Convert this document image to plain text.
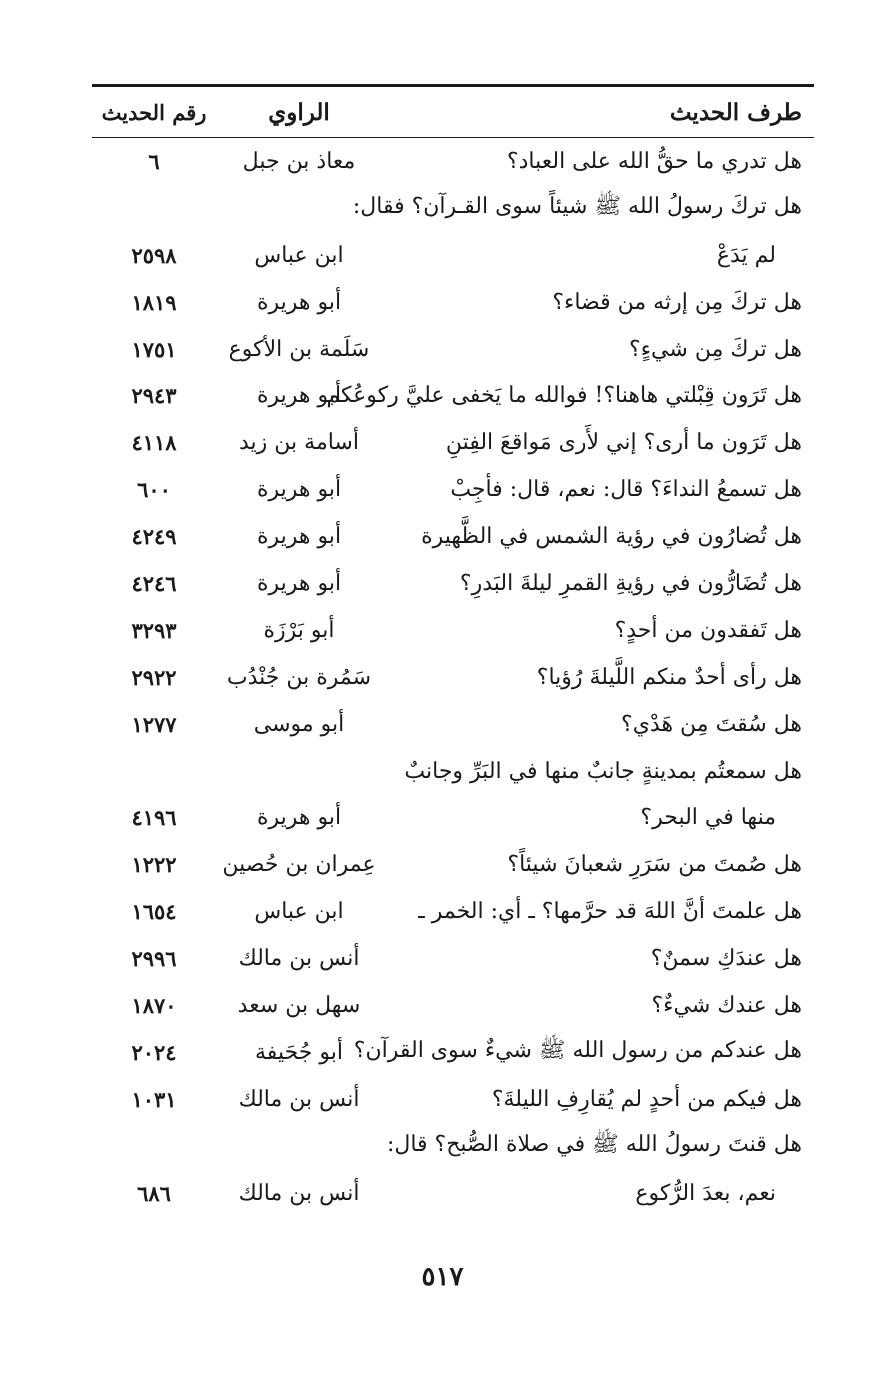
طرف الحديث	الراوي	رقم الحديث

هل تدري ما حقُّ الله على العباد؟	معاذ بن جبل	٦
هل تركَ رسولُ الله ﷺ شيئاً سوى القـرآن؟ فقال:		
لم يَدَعْ	ابن عباس	٢٥٩٨
هل تركَ مِن إرثه من قضاء؟	أبو هريرة	١٨١٩
هل تركَ مِن شيءٍ؟	سَلَمة بن الأكوع	١٧٥١
هل تَرَون قِبْلتي هاهنا؟! فوالله ما يَخفى عليَّ ركوعُكم	أبو هريرة	٢٩٤٣
هل تَرَون ما أرى؟ إني لأَرى مَواقعَ الفِتنِ	أسامة بن زيد	٤١١٨
هل تسمعُ النداءَ؟ قال: نعم، قال: فأجِبْ	أبو هريرة	٦٠٠
هل تُضارُون في رؤية الشمس في الظَّهيرة	أبو هريرة	٤٢٤٩
هل تُضَارُّون في رؤيةِ القمرِ ليلةَ البَدرِ؟	أبو هريرة	٤٢٤٦
هل تَفقدون من أحدٍ؟	أبو بَرْزَة	٣٢٩٣
هل رأى أحدٌ منكم اللَّيلةَ رُؤيا؟	سَمُرة بن جُنْدُب	٢٩٢٢
هل سُقتَ مِن هَدْي؟	أبو موسى	١٢٧٧
هل سمعتُم بمدينةٍ جانبٌ منها في البَرِّ وجانبٌ		
منها في البحر؟	أبو هريرة	٤١٩٦
هل صُمتَ من سَرَرِ شعبانَ شيئاً؟	عِمران بن حُصين	١٢٢٢
هل علمتَ أنَّ اللهَ قد حرَّمها؟ ـ أي: الخمر ـ	ابن عباس	١٦٥٤
هل عندَكِ سمنٌ؟	أنس بن مالك	٢٩٩٦
هل عندك شيءٌ؟	سهل بن سعد	١٨٧٠
هل عندكم من رسول الله ﷺ شيءٌ سوى القرآن؟	أبو جُحَيفة	٢٠٢٤
هل فيكم من أحدٍ لم يُقارِفِ الليلةَ؟	أنس بن مالك	١٠٣١
هل قنتَ رسولُ الله ﷺ في صلاة الصُّبح؟ قال:		
نعم، بعدَ الرُّكوع	أنس بن مالك	٦٨٦
٥١٧
